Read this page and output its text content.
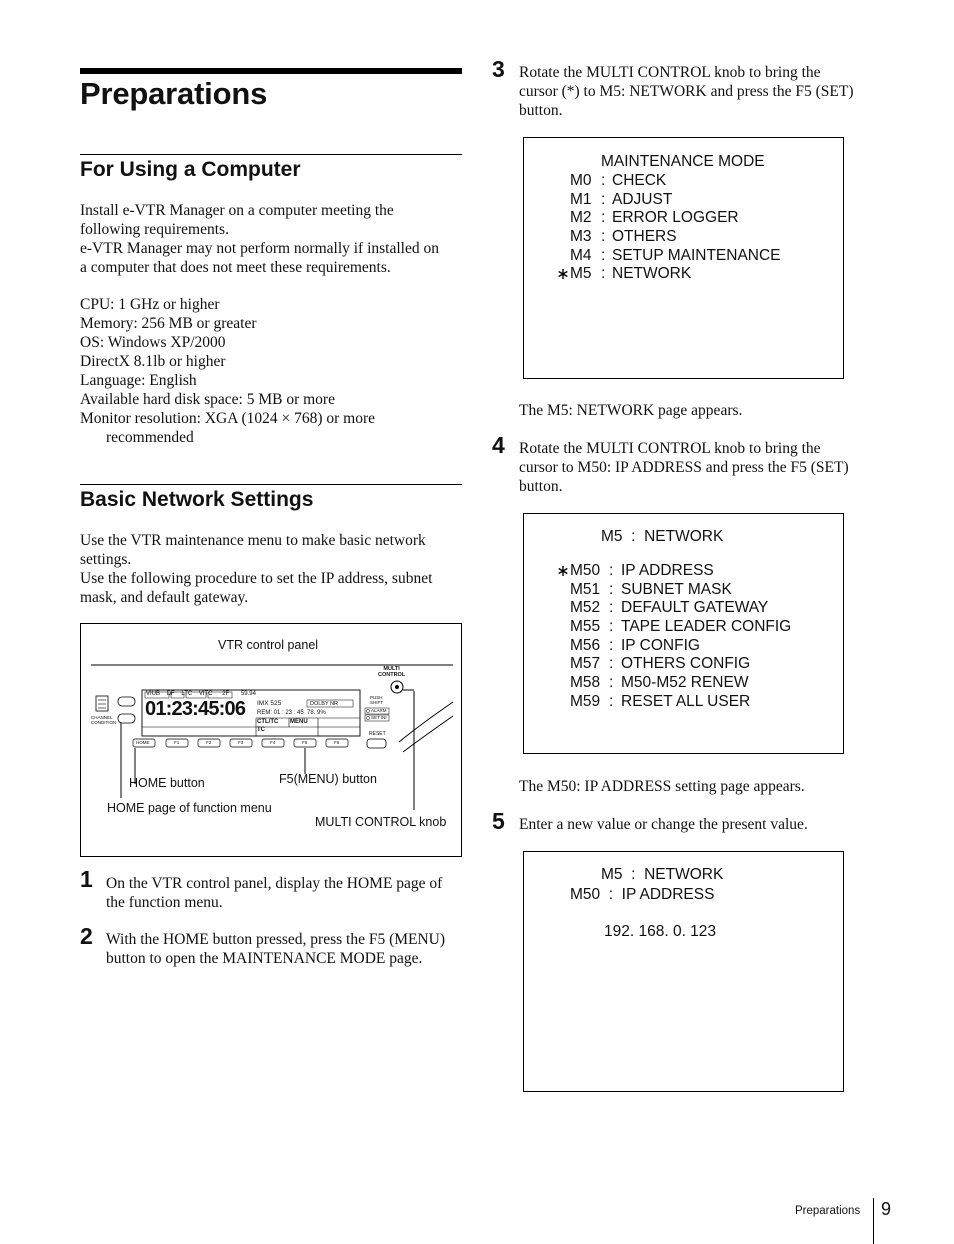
Preparations
For Using a Computer
Install e-VTR Manager on a computer meeting the
following requirements.
e-VTR Manager may not perform normally if installed on
a computer that does not meet these requirements.
CPU: 1 GHz or higher
Memory: 256 MB or greater
OS: Windows XP/2000
DirectX 8.1lb or higher
Language: English
Available hard disk space: 5 MB or more
Monitor resolution: XGA (1024 × 768) or more
recommended
Basic Network Settings
Use the VTR maintenance menu to make basic network
settings.
Use the following procedure to set the IP address, subnet
mask, and default gateway.
VTR control panel
MULTI
CONTROL
CHANNEL
CONDITION
VIUB DF LTC VITC 2F 59.94
01:23:45:06 IMX 525	DOLBY NR
REM: 01 : 23 : 45  78. 9%
CTL/TC MENU
TC
PUSH
SHIFT
ALARM
SET INI
RESET
HOME	F1	F2	F3	F4	F5	F6
HOME button	F5(MENU) button
HOME page of function menu
MULTI CONTROL knob
1 On the VTR control panel, display the HOME page of
the function menu.
2 With the HOME button pressed, press the F5 (MENU)
button to open the MAINTENANCE MODE page.
3 Rotate the MULTI CONTROL knob to bring the
cursor (*) to M5: NETWORK and press the F5 (SET)
button.
MAINTENANCE MODE
M0 : CHECK
M1 : ADJUST
M2 : ERROR LOGGER
M3 : OTHERS
M4 : SETUP MAINTENANCE
M5 : NETWORK
The M5: NETWORK page appears.
4 Rotate the MULTI CONTROL knob to bring the
cursor to M50: IP ADDRESS and press the F5 (SET)
button.
M5  :  NETWORK
M50 : IP ADDRESS
M51 : SUBNET MASK
M52 : DEFAULT GATEWAY
M55 : TAPE LEADER CONFIG
M56 : IP CONFIG
M57 : OTHERS CONFIG
M58 : M50-M52 RENEW
M59 : RESET ALL USER
The M50: IP ADDRESS setting page appears.
5 Enter a new value or change the present value.
M5  :  NETWORK
M50  :  IP ADDRESS
192. 168. 0. 123
Preparations 9
